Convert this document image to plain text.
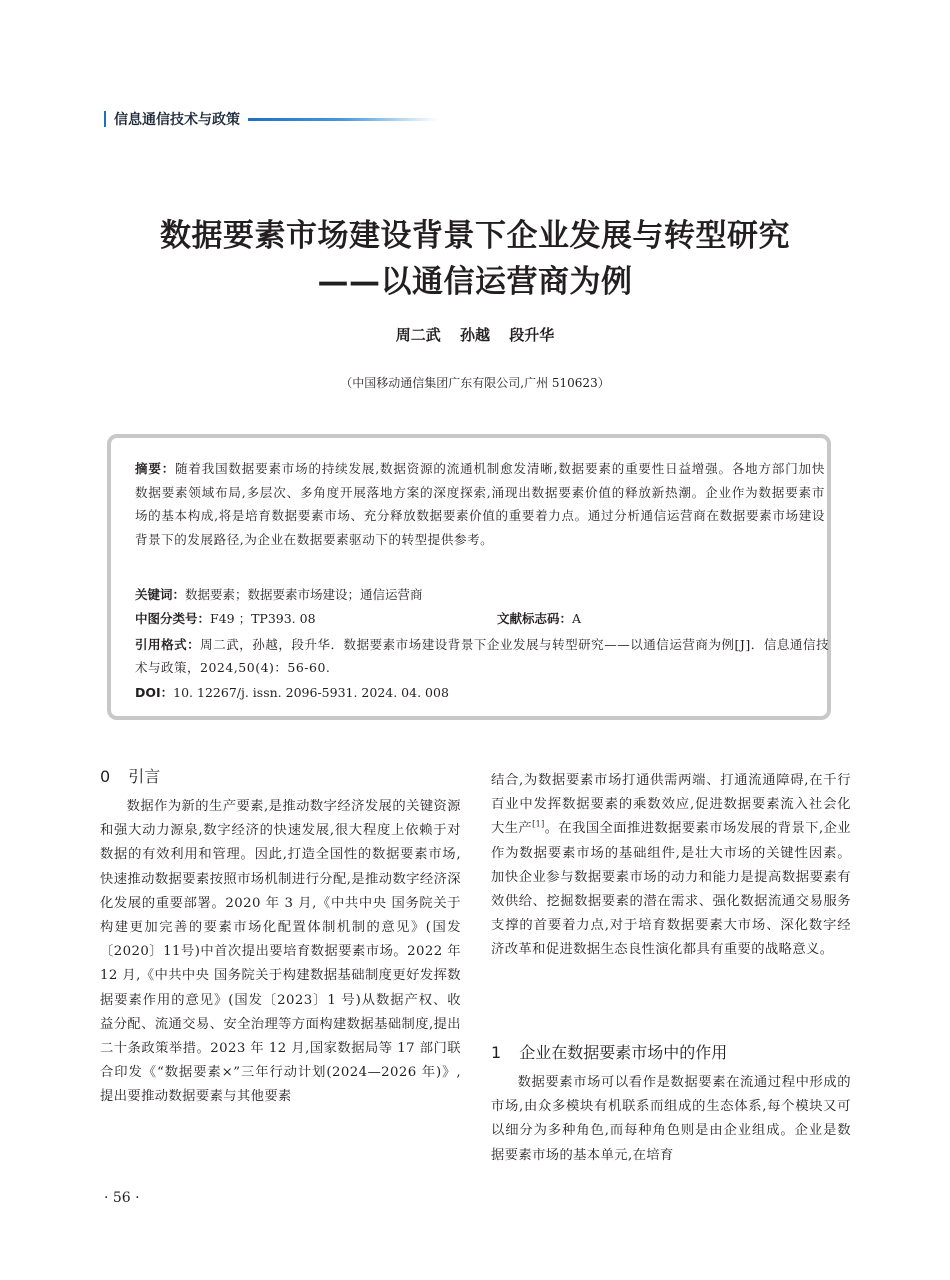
信息通信技术与政策
数据要素市场建设背景下企业发展与转型研究
——以通信运营商为例
周二武 孙越 段升华
（中国移动通信集团广东有限公司,广州 510623）
摘要：随着我国数据要素市场的持续发展,数据资源的流通机制愈发清晰,数据要素的重要性日益增强。各地方部门加快数据要素领域布局,多层次、多角度开展落地方案的深度探索,涌现出数据要素价值的释放新热潮。企业作为数据要素市场的基本构成,将是培育数据要素市场、充分释放数据要素价值的重要着力点。通过分析通信运营商在数据要素市场建设背景下的发展路径,为企业在数据要素驱动下的转型提供参考。
关键词：数据要素；数据要素市场建设；通信运营商
中图分类号：F49 ；TP393. 08	文献标志码：A
引用格式：周二武，孙越，段升华．数据要素市场建设背景下企业发展与转型研究——以通信运营商为例[J]．信息通信技术与政策，2024,50(4)：56-60.
DOI：10. 12267/j. issn. 2096-5931. 2024. 04. 008
0 引言

数据作为新的生产要素,是推动数字经济发展的关键资源和强大动力源泉,数字经济的快速发展,很大程度上依赖于对数据的有效利用和管理。因此,打造全国性的数据要素市场,快速推动数据要素按照市场机制进行分配,是推动数字经济深化发展的重要部署。2020 年 3 月,《中共中央 国务院关于构建更加完善的要素市场化配置体制机制的意见》(国发〔2020〕11号)中首次提出要培育数据要素市场。2022 年 12 月,《中共中央 国务院关于构建数据基础制度更好发挥数据要素作用的意见》(国发〔2023〕1 号)从数据产权、收益分配、流通交易、安全治理等方面构建数据基础制度,提出二十条政策举措。2023 年 12 月,国家数据局等 17 部门联合印发《“数据要素×”三年行动计划(2024—2026 年)》,提出要推动数据要素与其他要素

结合,为数据要素市场打通供需两端、打通流通障碍,在千行百业中发挥数据要素的乘数效应,促进数据要素流入社会化大生产[1]。在我国全面推进数据要素市场发展的背景下,企业作为数据要素市场的基础组件,是壮大市场的关键性因素。加快企业参与数据要素市场的动力和能力是提高数据要素有效供给、挖掘数据要素的潜在需求、强化数据流通交易服务支撑的首要着力点,对于培育数据要素大市场、深化数字经济改革和促进数据生态良性演化都具有重要的战略意义。

1 企业在数据要素市场中的作用

数据要素市场可以看作是数据要素在流通过程中形成的市场,由众多模块有机联系而组成的生态体系,每个模块又可以细分为多种角色,而每种角色则是由企业组成。企业是数据要素市场的基本单元,在培育

· 56 ·
